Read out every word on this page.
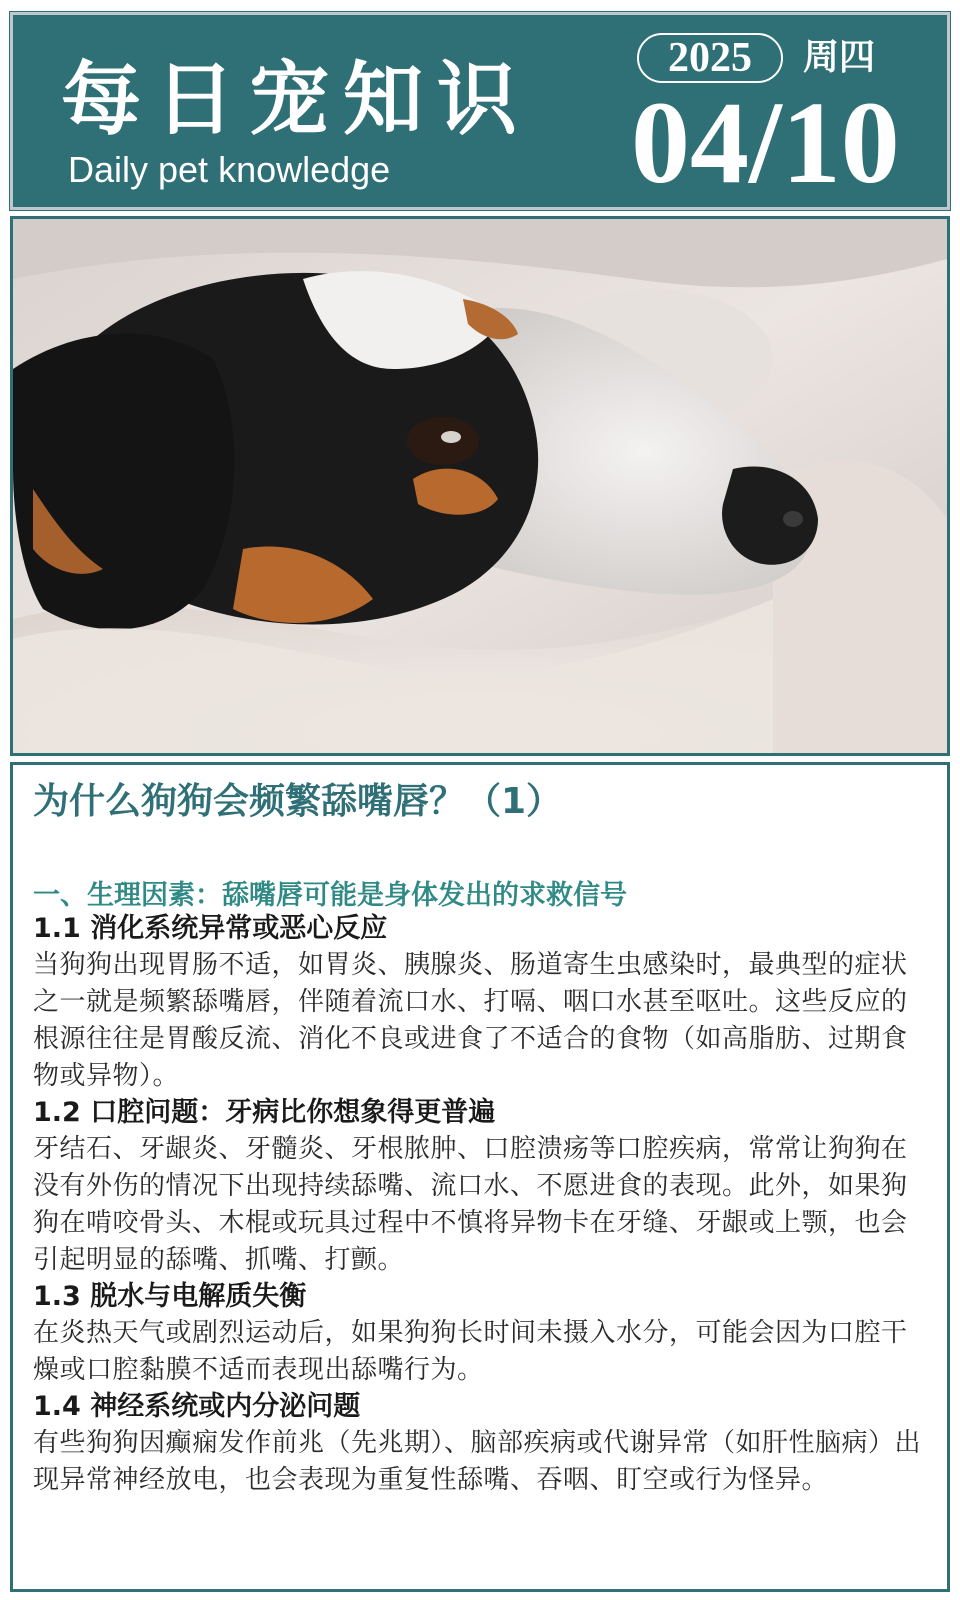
每日宠知识
Daily pet knowledge
2025	周四
04/10
为什么狗狗会频繁舔嘴唇？（1）
一、生理因素：舔嘴唇可能是身体发出的求救信号
1.1 消化系统异常或恶心反应
当狗狗出现胃肠不适，如胃炎、胰腺炎、肠道寄生虫感染时，最典型的症状之一就是频繁舔嘴唇，伴随着流口水、打嗝、咽口水甚至呕吐。这些反应的根源往往是胃酸反流、消化不良或进食了不适合的食物（如高脂肪、过期食物或异物）。
1.2 口腔问题：牙病比你想象得更普遍
牙结石、牙龈炎、牙髓炎、牙根脓肿、口腔溃疡等口腔疾病，常常让狗狗在没有外伤的情况下出现持续舔嘴、流口水、不愿进食的表现。此外，如果狗狗在啃咬骨头、木棍或玩具过程中不慎将异物卡在牙缝、牙龈或上颚，也会引起明显的舔嘴、抓嘴、打颤。
1.3 脱水与电解质失衡
在炎热天气或剧烈运动后，如果狗狗长时间未摄入水分，可能会因为口腔干燥或口腔黏膜不适而表现出舔嘴行为。
1.4 神经系统或内分泌问题
有些狗狗因癫痫发作前兆（先兆期）、脑部疾病或代谢异常（如肝性脑病）出现异常神经放电，也会表现为重复性舔嘴、吞咽、盯空或行为怪异。
